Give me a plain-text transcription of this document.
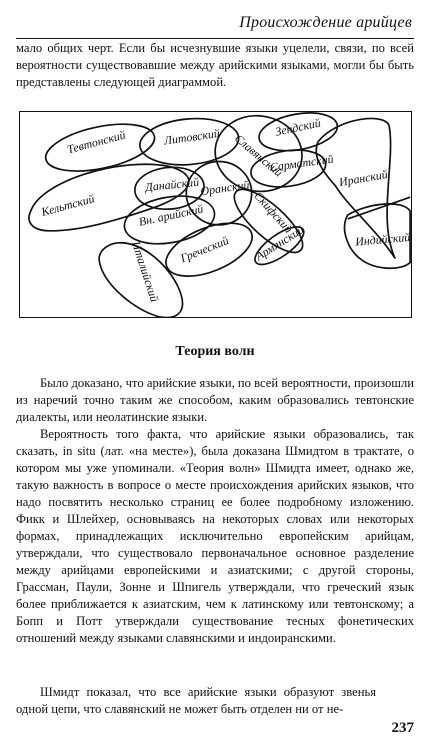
Происхождение арийцев

мало общих черт. Если бы исчезнувшие языки уцелели, связи, по всей вероятности существовавшие между арийскими языками, могли бы быть представлены следующей диаграммой.

Тевтонский	Литовский Славянский
Зендский
Сарматский
Иранский
Кельтский
Данайский Оранский
Вн. арийский	Скифский
Греческий Армянский	Индийский
Италийский
Теория волн

Было доказано, что арийские языки, по всей вероятности, произошли из наречий точно таким же способом, каким образовались тевтонские диалекты, или неолатинские языки.

Вероятность того факта, что арийские языки образовались, так сказать, in situ (лат. «на месте»), была доказана Шмидтом в трактате, о котором мы уже упоминали. «Теория волн» Шмидта имеет, однако же, такую важность в вопросе о месте происхождения арийских языков, что надо посвятить несколько страниц ее более подробному изложению. Фикк и Шлейхер, основываясь на некоторых словах или некоторых формах, принадлежащих исключительно европейским арийцам, утверждали, что существовало первоначальное основное разделение между арийцами европейскими и азиатскими; с другой стороны, Грассман, Паули, Зонне и Шпигель утверждали, что греческий язык более приближается к азиатским, чем к латинскому или тевтонскому; а Бопп и Потт утверждали существование тесных фонетических отношений между языками славянскими и индоиранскими.

Шмидт показал, что все арийские языки образуют звенья одной цепи, что славянский не может быть отделен ни от не-

237
